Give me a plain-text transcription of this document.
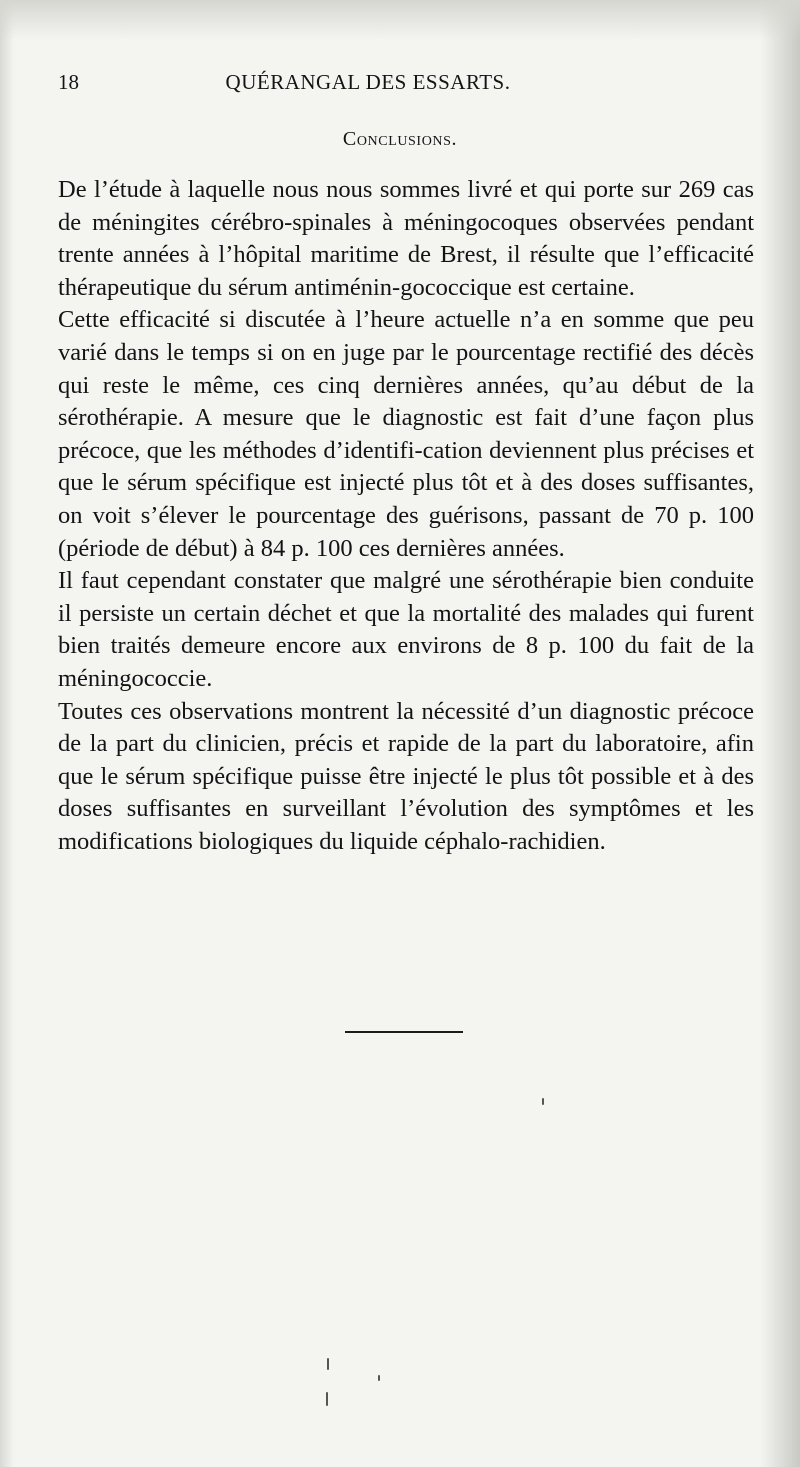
18	QUÉRANGAL DES ESSARTS.
Conclusions.

De l’étude à laquelle nous nous sommes livré et qui porte sur 269 cas de méningites cérébro-spinales à méningocoques observées pendant trente années à l’hôpital maritime de Brest, il résulte que l’efficacité thérapeutique du sérum antiménin-gococcique est certaine.

Cette efficacité si discutée à l’heure actuelle n’a en somme que peu varié dans le temps si on en juge par le pourcentage rectifié des décès qui reste le même, ces cinq dernières années, qu’au début de la sérothérapie. A mesure que le diagnostic est fait d’une façon plus précoce, que les méthodes d’identifi-cation deviennent plus précises et que le sérum spécifique est injecté plus tôt et à des doses suffisantes, on voit s’élever le pourcentage des guérisons, passant de 70 p. 100 (période de début) à 84 p. 100 ces dernières années.

Il faut cependant constater que malgré une sérothérapie bien conduite il persiste un certain déchet et que la mortalité des malades qui furent bien traités demeure encore aux environs de 8 p. 100 du fait de la méningococcie.

Toutes ces observations montrent la nécessité d’un diagnostic précoce de la part du clinicien, précis et rapide de la part du laboratoire, afin que le sérum spécifique puisse être injecté le plus tôt possible et à des doses suffisantes en surveillant l’évolution des symptômes et les modifications biologiques du liquide céphalo-rachidien.
